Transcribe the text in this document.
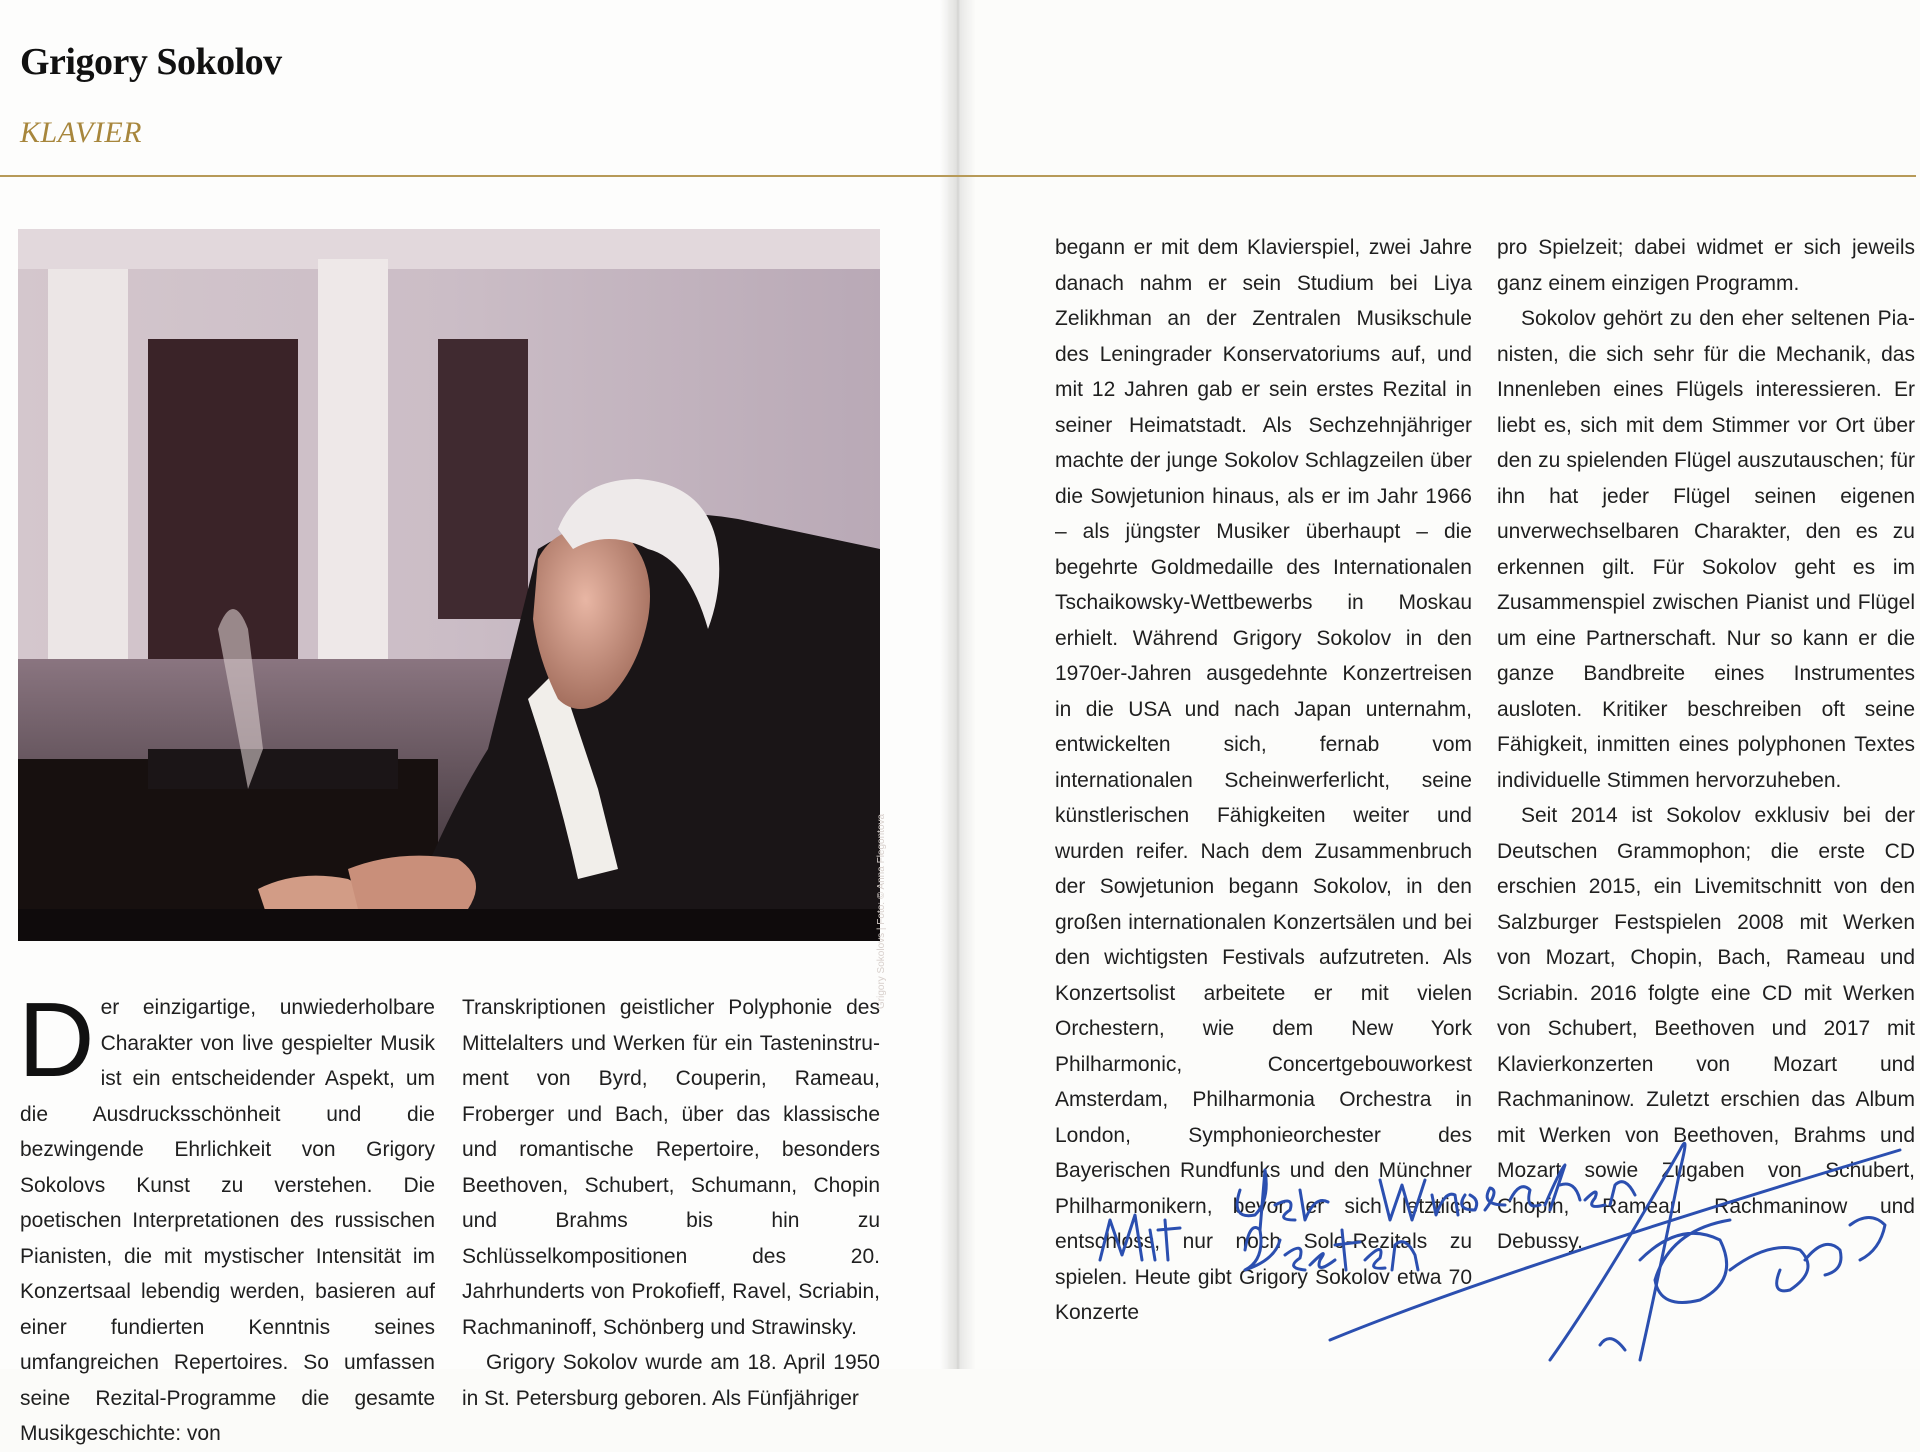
Grigory Sokolov
KLAVIER
Grigory Sokolovs | Foto: © Anna Flegontova

Der einzigartige, unwiederholbare Charakter von live gespielter Musik ist ein entscheidender Aspekt, um die Ausdrucksschönheit und die bezwingende Ehrlichkeit von Grigory Sokolovs Kunst zu verstehen. Die poetischen Interpretationen des russischen Pianisten, die mit mystischer Intensität im Konzertsaal lebendig werden, basieren auf einer fundierten Kenntnis seines umfangreichen Repertoires. So umfassen seine Rezital-Programme die gesamte Musikgeschichte: von

Transkriptionen geistlicher Polyphonie des Mittelalters und Werken für ein Tasteninstrument von Byrd, Couperin, Rameau, Froberger und Bach, über das klassische und romantische Repertoire, besonders Beethoven, Schubert, Schumann, Chopin und Brahms bis hin zu Schlüsselkompositionen des 20. Jahrhunderts von Prokofieff, Ravel, Scriabin, Rachmaninoff, Schönberg und Strawinsky.

Grigory Sokolov wurde am 18. April 1950 in St. Petersburg geboren. Als Fünfjähriger

begann er mit dem Klavierspiel, zwei Jahre danach nahm er sein Studium bei Liya Zelikhman an der Zentralen Musikschule des Leningrader Konservatoriums auf, und mit 12 Jahren gab er sein erstes Rezital in seiner Heimatstadt. Als Sechzehnjähriger machte der junge Sokolov Schlagzeilen über die Sowjetunion hinaus, als er im Jahr 1966 – als jüngster Musiker überhaupt – die begehrte Goldmedaille des Internationalen Tschaikowsky-Wettbewerbs in Moskau erhielt. Während Grigory Sokolov in den 1970er-Jahren ausgedehnte Konzertreisen in die USA und nach Japan unternahm, entwickelten sich, fernab vom internationalen Scheinwerferlicht, seine künstlerischen Fähigkeiten weiter und wurden reifer. Nach dem Zusammenbruch der Sowjetunion begann Sokolov, in den großen internationalen Konzertsälen und bei den wichtigsten Festivals aufzutreten. Als Konzertsolist arbeitete er mit vielen Orchestern, wie dem New York Philharmonic, Concertgebouworkest Amsterdam, Philharmonia Orchestra in London, Symphonieorchester des Bayerischen Rundfunks und den Münchner Philharmonikern, bevor er sich letztlich entschloss, nur noch Solo-Rezitals zu spielen. Heute gibt Grigory Sokolov etwa 70 Konzerte

pro Spielzeit; dabei widmet er sich jeweils ganz einem einzigen Programm.

Sokolov gehört zu den eher seltenen Pianisten, die sich sehr für die Mechanik, das Innenleben eines Flügels interessieren. Er liebt es, sich mit dem Stimmer vor Ort über den zu spielenden Flügel auszutauschen; für ihn hat jeder Flügel seinen eigenen unverwechselbaren Charakter, den es zu erkennen gilt. Für Sokolov geht es im Zusammenspiel zwischen Pianist und Flügel um eine Partnerschaft. Nur so kann er die ganze Bandbreite eines Instrumentes ausloten. Kritiker beschreiben oft seine Fähigkeit, inmitten eines polyphonen Textes individuelle Stimmen hervorzuheben.

Seit 2014 ist Sokolov exklusiv bei der Deutschen Grammophon; die erste CD erschien 2015, ein Livemitschnitt von den Salzburger Festspielen 2008 mit Werken von Mozart, Chopin, Bach, Rameau und Scriabin. 2016 folgte eine CD mit Werken von Schubert, Beethoven und 2017 mit Klavierkonzerten von Mozart und Rachmaninow. Zuletzt erschien das Album mit Werken von Beethoven, Brahms und Mozart sowie Zugaben von Schubert, Chopin, Rameau Rachmaninow und Debussy.
